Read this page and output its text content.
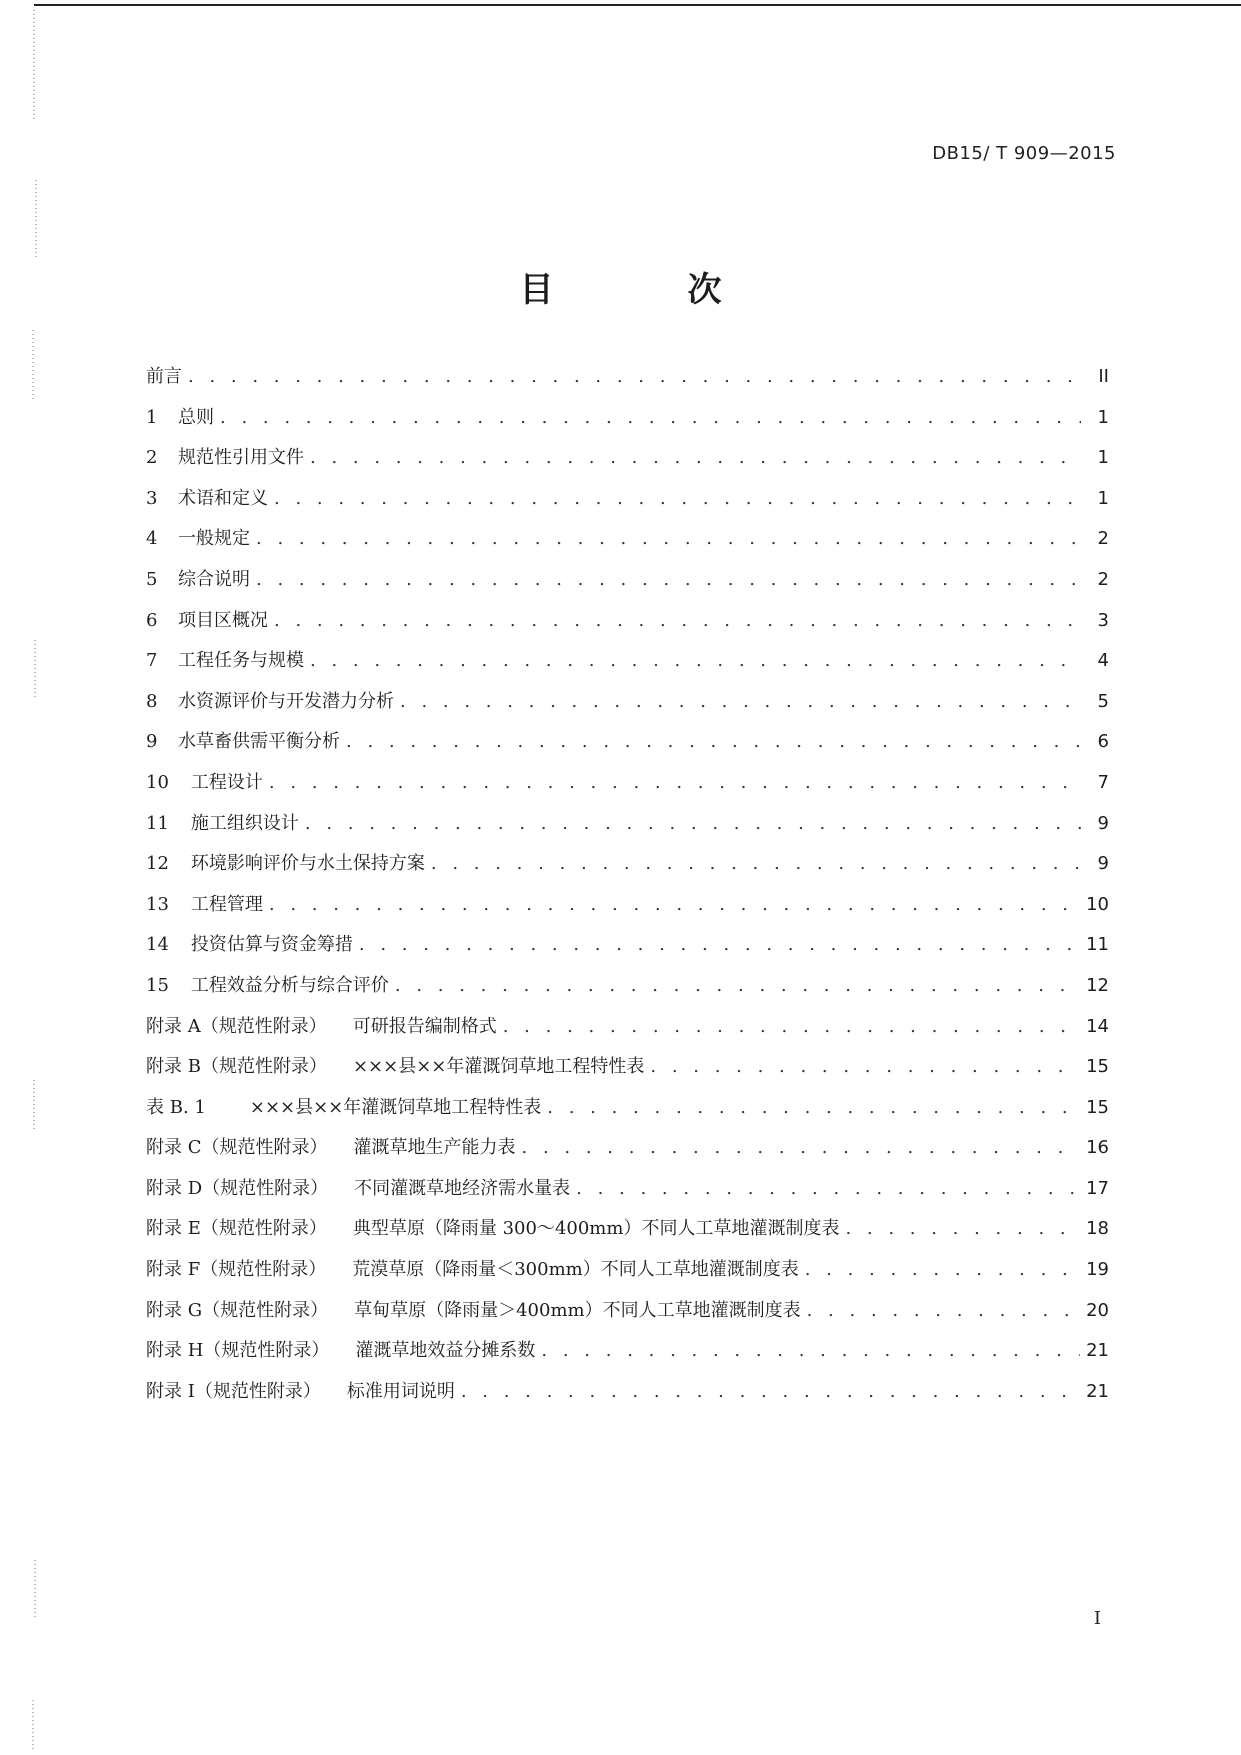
DB15/ T 909—2015
目　次
前言 . . .	II
1 总则 . . .	1
2 规范性引用文件 . . .	1
3 术语和定义 . . .	1
4 一般规定 . . .	2
5 综合说明 . . .	2
6 项目区概况 . . .	3
7 工程任务与规模 . . .	4
8 水资源评价与开发潜力分析 . . .	5
9 水草畜供需平衡分析 . . .	6
10 工程设计 . . .	7
11 施工组织设计 . . .	9
12 环境影响评价与水土保持方案 . . .	9
13 工程管理 . . .	10
14 投资估算与资金筹措 . . .	11
15 工程效益分析与综合评价 . . .	12
附录 A（规范性附录） 可研报告编制格式 . . .	14
附录 B（规范性附录） ×××县××年灌溉饲草地工程特性表 . . .	15
表 B. 1 ×××县××年灌溉饲草地工程特性表 . . .	15
附录 C（规范性附录） 灌溉草地生产能力表 . . .	16
附录 D（规范性附录） 不同灌溉草地经济需水量表 . . .	17
附录 E（规范性附录） 典型草原（降雨量 300～400mm）不同人工草地灌溉制度表 . . .	18
附录 F（规范性附录） 荒漠草原（降雨量＜300mm）不同人工草地灌溉制度表 . . .	19
附录 G（规范性附录） 草甸草原（降雨量＞400mm）不同人工草地灌溉制度表 . . .	20
附录 H（规范性附录） 灌溉草地效益分摊系数 . . .	21
附录 I（规范性附录） 标准用词说明 . . .	21
I
